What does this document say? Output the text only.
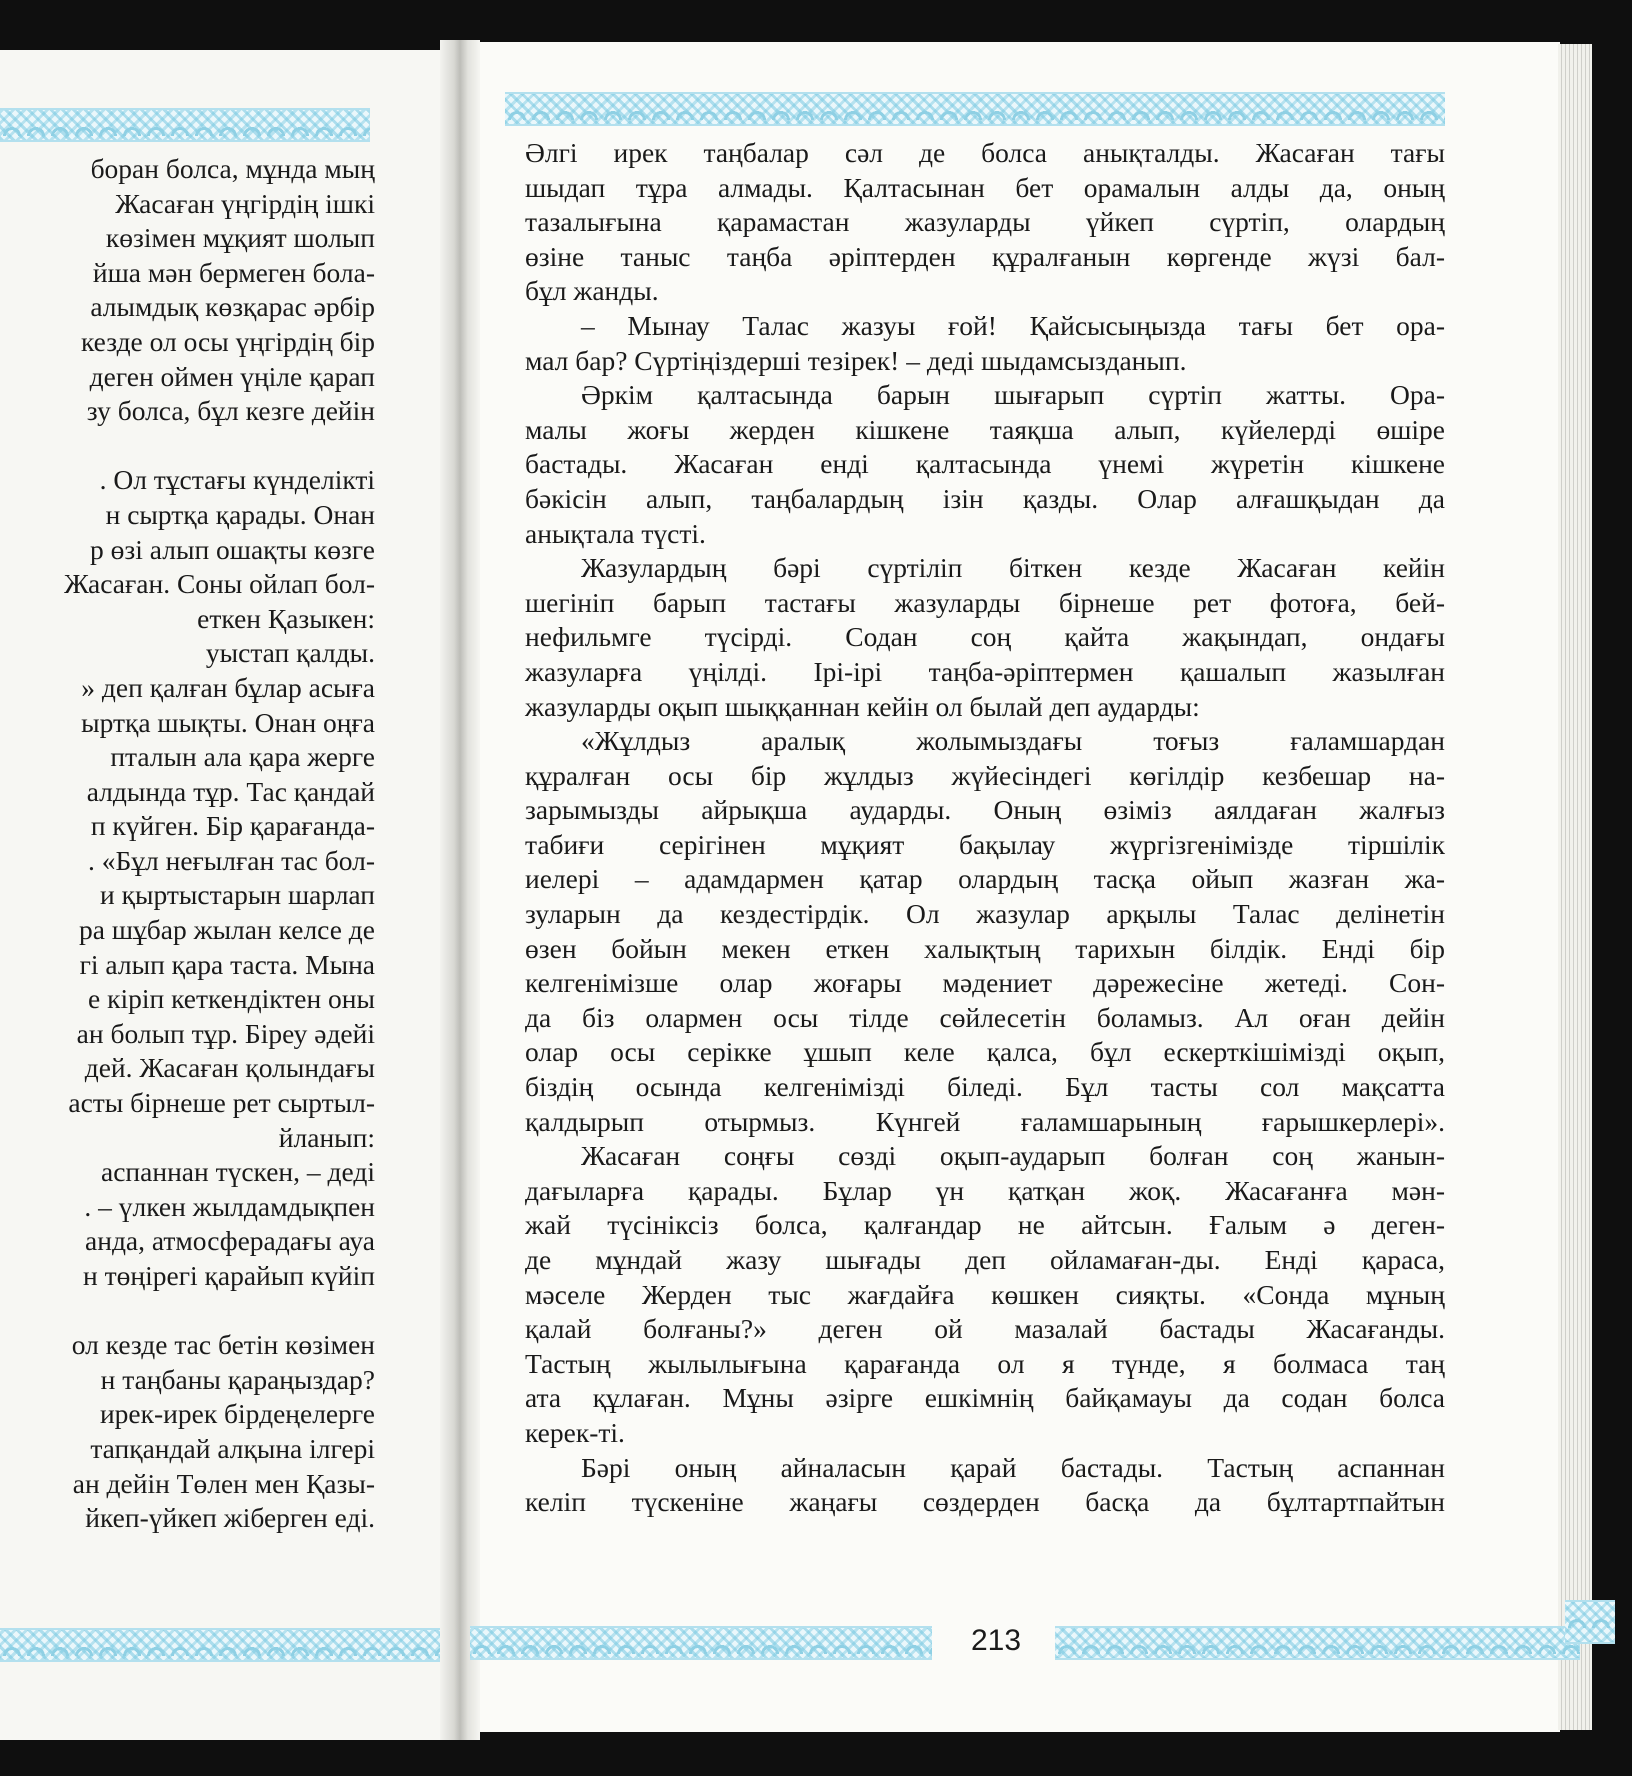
боран болса, мұнда мың
Жасаған үңгірдің ішкі
көзімен мұқият шолып
йша мән бермеген бола-
алымдық көзқарас әрбір
кезде ол осы үңгірдің бір
деген оймен үңіле қарап
зу болса, бұл кезге дейін
. Ол тұстағы күнделікті
н сыртқа қарады. Онан
р өзі алып ошақты көзге
Жасаған. Соны ойлап бол-
еткен Қазыкен:
уыстап қалды.
» деп қалған бұлар асыға
ыртқа шықты. Онан оңға
пталын ала қара жерге
алдында тұр. Тас қандай
п күйген. Бір қарағанда-
. «Бұл неғылған тас бол-
и қыртыстарын шарлап
ра шұбар жылан келсе де
гі алып қара таста. Мына
е кіріп кеткендіктен оны
ан болып тұр. Біреу әдейі
дей. Жасаған қолындағы
асты бірнеше рет сыртыл-
йланып:
аспаннан түскен, – деді
. – үлкен жылдамдықпен
анда, атмосферадағы ауа
н төңірегі қарайып күйіп
ол кезде тас бетін көзімен
н таңбаны қараңыздар?
ирек-ирек бірдеңелерге
тапқандай алқына ілгері
ан дейін Төлен мен Қазы-
йкеп-үйкеп жіберген еді.
Әлгі ирек таңбалар сәл де болса анықталды. Жасаған тағы
шыдап тұра алмады. Қалтасынан бет орамалын алды да, оның
тазалығына қарамастан жазуларды үйкеп сүртіп, олардың
өзіне таныс таңба әріптерден құралғанын көргенде жүзі бал-
бұл жанды.
– Мынау Талас жазуы ғой! Қайсысыңызда тағы бет ора-
мал бар? Сүртіңіздерші тезірек! – деді шыдамсызданып.
Әркім қалтасында барын шығарып сүртіп жатты. Ора-
малы жоғы жерден кішкене таяқша алып, күйелерді өшіре
бастады. Жасаған енді қалтасында үнемі жүретін кішкене
бәкісін алып, таңбалардың ізін қазды. Олар алғашқыдан да
анықтала түсті.
Жазулардың бәрі сүртіліп біткен кезде Жасаған кейін
шегініп барып тастағы жазуларды бірнеше рет фотоға, бей-
нефильмге түсірді. Содан соң қайта жақындап, ондағы
жазуларға үңілді. Ірі-ірі таңба-әріптермен қашалып жазылған
жазуларды оқып шыққаннан кейін ол былай деп аударды:
«Жұлдыз аралық жолымыздағы тоғыз ғаламшардан
құралған осы бір жұлдыз жүйесіндегі көгілдір кезбешар на-
зарымызды айрықша аударды. Оның өзіміз аялдаған жалғыз
табиғи серігінен мұқият бақылау жүргізгенімізде тіршілік
иелері – адамдармен қатар олардың тасқа ойып жазған жа-
зуларын да кездестірдік. Ол жазулар арқылы Талас делінетін
өзен бойын мекен еткен халықтың тарихын білдік. Енді бір
келгенімізше олар жоғары мәдениет дәрежесіне жетеді. Сон-
да біз олармен осы тілде сөйлесетін боламыз. Ал оған дейін
олар осы серікке ұшып келе қалса, бұл ескерткішімізді оқып,
біздің осында келгенімізді біледі. Бұл тасты сол мақсатта
қалдырып отырмыз. Күнгей ғаламшарының ғарышкерлері».
Жасаған соңғы сөзді оқып-аударып болған соң жанын-
дағыларға қарады. Бұлар үн қатқан жоқ. Жасағанға мән-
жай түсініксіз болса, қалғандар не айтсын. Ғалым ә деген-
де мұндай жазу шығады деп ойламаған-ды. Енді қараса,
мәселе Жерден тыс жағдайға көшкен сияқты. «Сонда мұның
қалай болғаны?» деген ой мазалай бастады Жасағанды.
Тастың жылылығына қарағанда ол я түнде, я болмаса таң
ата құлаған. Мұны әзірге ешкімнің байқамауы да содан болса
керек-ті.
Бәрі оның айналасын қарай бастады. Тастың аспаннан
келіп түскеніне жаңағы сөздерден басқа да бұлтартпайтын
213
